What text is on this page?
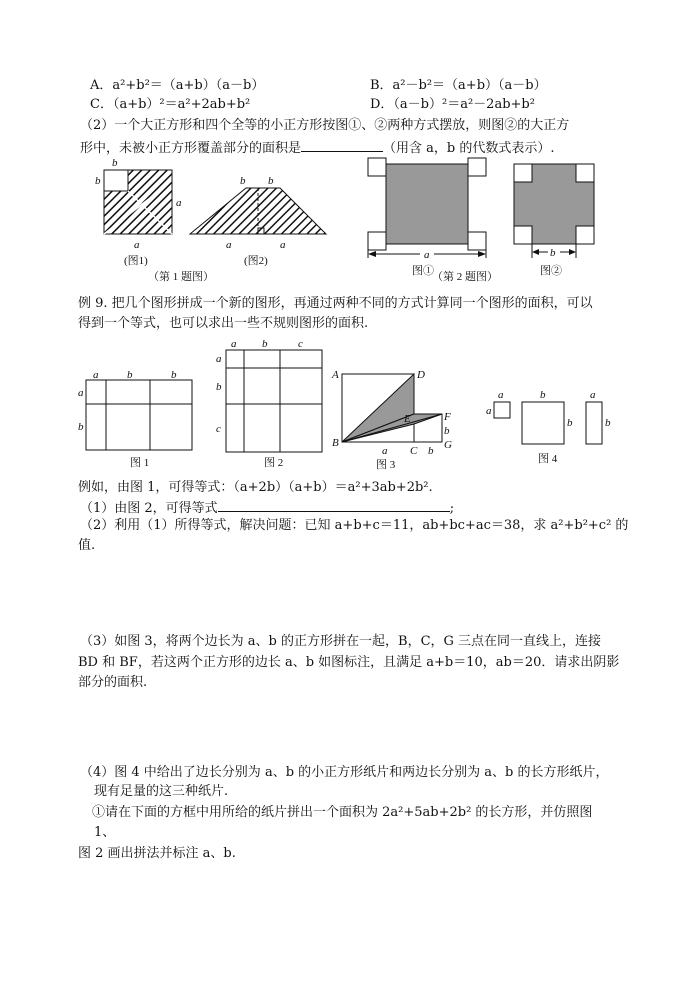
A．a²+b²＝（a+b）（a－b）	B．a²－b²＝（a+b）（a－b）
C．（a+b）²＝a²+2ab+b²	D．（a－b）²＝a²－2ab+b²
（2）一个大正方形和四个全等的小正方形按图①、②两种方式摆放，则图②的大正方
形中，未被小正方形覆盖部分的面积是	（用含 a，b 的代数式表示）.
b
b
a
a
(图1)
b b
a	a
(图2)
（第 1 题图）
a
图①
（第 2 题图）
b
图②
例 9. 把几个图形拼成一个新的图形，再通过两种不同的方式计算同一个图形的面积，可以
得到一个等式，也可以求出一些不规则图形的面积.
a	b	b
a
b
图 1
a b	c
a
b
c
图 2
A	D
E	F
B
C G
b
a	b
图 3
a
a
b
b
a
b
图 4
例如，由图 1，可得等式：（a+2b）（a+b）＝a²+3ab+2b².
（1）由图 2，可得等式	;
（2）利用（1）所得等式，解决问题：已知 a+b+c＝11，ab+bc+ac＝38，求 a²+b²+c² 的
值.
（3）如图 3，将两个边长为 a、b 的正方形拼在一起，B，C，G 三点在同一直线上，连接
BD 和 BF，若这两个正方形的边长 a、b 如图标注，且满足 a+b＝10，ab＝20．请求出阴影
部分的面积.
（4）图 4 中给出了边长分别为 a、b 的小正方形纸片和两边长分别为 a、b 的长方形纸片，
现有足量的这三种纸片.
①请在下面的方框中用所给的纸片拼出一个面积为 2a²+5ab+2b² 的长方形，并仿照图
1、
图 2 画出拼法并标注 a、b.
